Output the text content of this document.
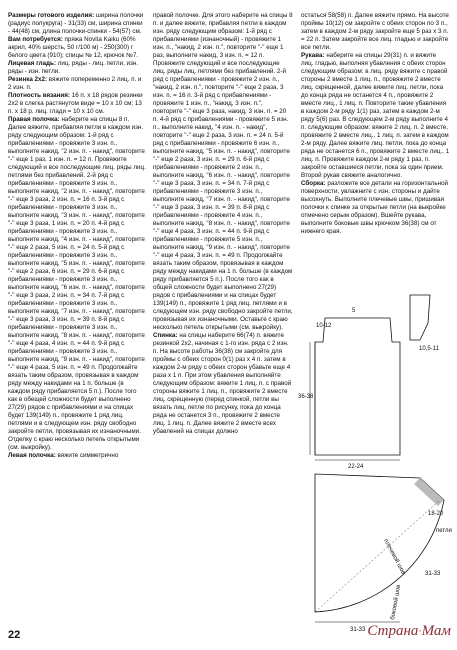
Размеры готового изделия: ширина полочки (радиус полукруга) - 31(33) см, ширина спинки - 44(48) см, длина полочки-спинки - 54(57) см.
Вам потребуется: пряжа Novita Kaiku (60% акрил, 40% шерсть, 50 г/100 м) - 250(300) г белого цвета (910); спицы № 12, крючок №7.
Лицевая гладь: лиц. ряды - лиц. петли, изн. ряды - изн. петли.
Резинка 2х2: вяжите попеременно 2 лиц. п. и 2 изн. п.
Плотность вязания: 16 п. х 18 рядов резинки 2х2 в слегка растянутом виде = 10 х 10 см; 13 п. х 18 р. лиц. глади = 10 х 10 см.
Правая полочка: наберите на спицы 8 п. Далее вяжите, прибавляя петли в каждом изн. ряду следующим образом: 1-й ряд с прибавлениями - провяжите 3 изн. п., выполните накид, "2 изн. п. - накид", повторите "-" еще 1 раз, 1 изн. п. = 12 п. Провяжите следующий и все последующие лиц. ряды лиц. петлями без прибавлений. 2-й ряд с прибавлениями - провяжите 3 изн. п., выполните накид, "2 изн. п. - накид", повторите "-" еще 3 раза, 2 изн. п. = 16 п. 3-й ряд с прибавлениями - провяжите 3 изн. п., выполните накид, "3 изн. п. - накид", повторите "-" еще 3 раза, 1 изн. п. = 20 п. 4-й ряд с прибавлениями - провяжите 3 изн. п., выполните накид, "4 изн. п. - накид", повторите "-" еще 2 раза, 5 изн. п. = 24 п. 5-й ряд с прибавлениями - провяжите 3 изн. п., выполните накид, "5 изн. п. - накид", повторите "-" еще 2 раза, 6 изн. п. = 29 п. 6-й ряд с прибавлениями - провяжите 3 изн. п., выполните накид, "6 изн. п. - накид", повторите "-" еще 3 раза, 2 изн. п. = 34 п. 7-й ряд с прибавлениями - провяжите 3 изн. п., выполните накид, "7 изн. п. - накид", повторите "-" еще 3 раза, 3 изн. п. = 39 п. 8-й ряд с прибавлениями - провяжите 3 изн. п., выполните накид, "8 изн. п. - накид", повторите "-" еще 4 раза, 4 изн. п. = 44 п. 9-й ряд с прибавлениями - провяжите 3 изн. п., выполните накид, "9 изн. п. - накид", повторите "-" еще 4 раза, 5 изн. п. = 49 п. Продолжайте вязать таким образом, провязывая в каждом ряду между накидами на 1 п. больше (в каждом ряду прибавляется 5 п.). После того как в обещей сложности будет выполнено 27(29) рядов с прибавлениями и на спицах будет 139(149) п., провяжите 1 ряд лиц. петлями и в следующем изн. ряду свободно закройте петли, прoвязывая их изнаночными. Отделку с краю несколько петель открытыми (см. выкройку).
Левая полочка: вяжите симметрично

правой полочке. Для этого наберите на спицы 8 п. и далее вяжите, прибавляя петли в каждом изн. ряду следующим образом: 1-й ряд с прибавлениями (изнаночный) - провяжите 1 изн. п., "накид, 2 изн. п.", повторите "-" еще 1 раз, выполните накид, 3 изн. п. = 12 п. Провяжите следующий и все последующие лиц. ряды лиц. петлями без прибавлений. 2-й ряд с прибавлениями - провяжите 2 изн. п., "накид, 2 изн. п.", повторите "-" еще 2 раза, 3 изн. п. = 16 п. 3-й ряд с прибавлениями - провяжите 1 изн. п., "накид, 3 изн. п.", повторите "-" еще 3 раза, накид, 3 изн. п. = 20 п. 4-й ряд с прибавлениями - провяжите 5 изн. п., выполните накид, "4 изн. п. - накид", повторите "-" еще 2 раза, 3 изн. п. = 24 п. 5-й ряд с прибавлениями - провяжите 6 изн. п., выполните накид, "5 изн. п. - накид", повторите "-" еще 2 раза, 3 изн. п. = 29 п. 6-й ряд с прибавлениями - провяжите 2 изн. п., выполните накид, "6 изн. п. - накид", повторите "-" еще 3 раза, 3 изн. п. = 34 п. 7-й ряд с прибавлениями - провяжите 3 изн. п., выполните накид, "7 изн. п. - накид", повторите "-" еще 3 раза, 3 изн. п. = 39 п. 8-й ряд с прибавлениями - провяжите 4 изн. п., выполните накид, "8 изн. п. - накид", повторите "-" еще 4 раза, 3 изн. п. = 44 п. 9-й ряд с прибавлениями - провяжите 5 изн. п., выполните накид, "9 изн. п. - накид", повторите "-" еще 4 раза, 3 изн. п. = 49 п. Продолжайте вязать таким образом, провязывая в каждом ряду между накидами на 1 п. больше (в каждом ряду прибавляется 5 п.). После того как в общей сложности будет выполнено 27(29) рядов с прибавлениями и на спицах будет 139(149) п., провяжите 1 ряд лиц. петлями и в следующем изн. ряду свободно закройте петли, провязывая их изнаночными. Оставьте с краю несколько петель открытыми (см. выкройку).
Спинка: на спицы наберите 66(74) п. вяжите резинкой 2х2, начиная с 1-го изн. ряда с 2 изн. п. На высоте работы 36(38) см закройте для проймы с обеих сторон 0(1) раз х 4 п. затем в каждом 2-м ряду с обеих сторон убавьте еще 4 раза х 1 п. При этом убавления выполняйте следующим образом: вяжите 1 лиц. п. с правой стороны вяжите 1 лиц. п., провяжите 2 вместе лиц. скрещенную (перед спинкой, петли вы вязать лиц. петле по рисунку, пока до конца ряда не останется 3 п., провяжите 2 вместе лиц. 1 лиц. п. Далее вяжите 2 вместе всех убавлений на спицах должно

остаться 58(58) п. Далее вяжите прямо. На высоте проймы 10(12) см закройте с обеих сторон по 3 п., затем в каждом 2-м ряду закройте еще 5 раз х 3 п. = 22 п. Затем закройте все лиц. гладью и закройте все петли.
Рукава: наберите на спицы 29(31) п. и вяжите лиц. гладью, выполняя убавления с обеих сторон следующим образом: в лиц. ряду вяжите с правой стороны 2 вместе 1 лиц. п., провяжите 2 вместе лиц. скрещенной, далее вяжите лиц. петли, пока до конца ряда не останется 4 п., провяжите 2 вместе лиц., 1 лиц. п. Повторите такие убавления в каждом 2-м ряду 1(1) раз, затем в каждом 2-м ряду 5(6) раз. В следующем 2-м ряду выполните 4 п. следующим образом: вяжите 2 лиц. п. 2 вместе, провяжите 2 вместе лиц., 1 лиц. п. затем в каждом 2-м ряду. Далее вяжите лиц. петли, пока до конца ряда не останется 6 п., провяжите 2 вместе лиц., 1 лиц. п. Провяжите каждом 2-м ряду 1 раз, п. закройте оставшиеся петли, пока за один прием. Второй рукав свяжите аналогично.
Сборка: разложите все детали на горизонтальной поверхности, увлажните с изн. стороны и дайте высохнуть. Выполните плечевые швы, пришивая полочки к спинке за открытые петли (на выкройке отмечено серым образом). Вшейте рукава, выполните боковые швы крючком 36(38) см от нижнего края.

22-24
36-38
10-12
5
10,5-11
31-33
31-33
18-20
петли
плечевой шов
боковой шов
22	Страна·Мам
